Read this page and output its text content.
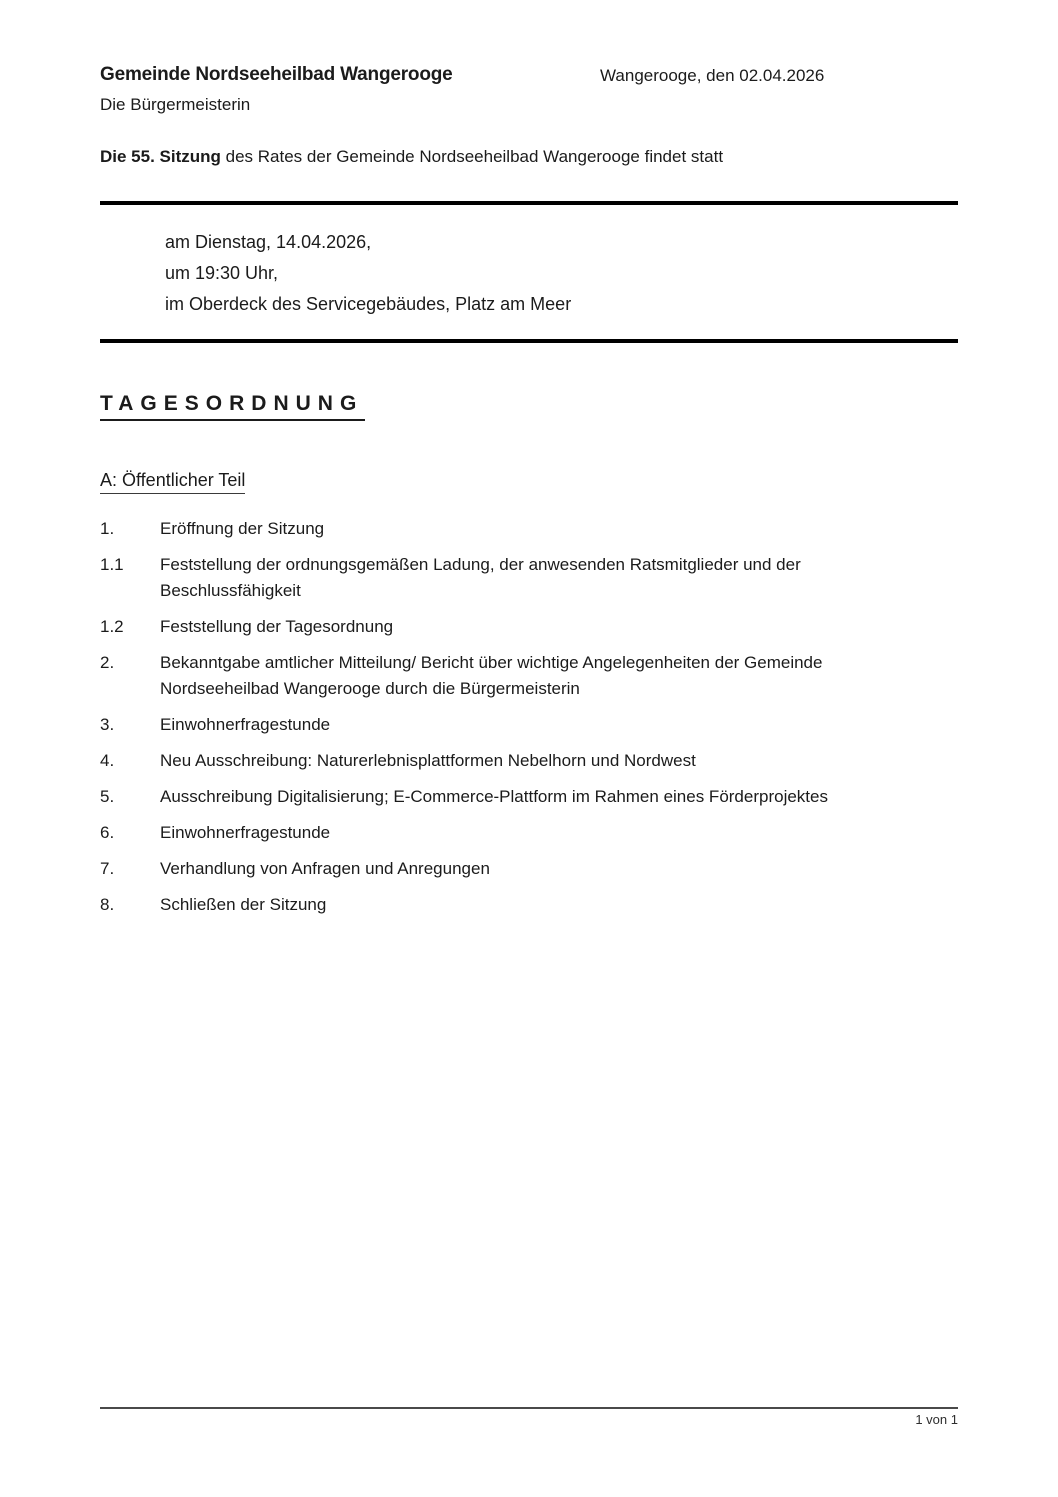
Gemeinde Nordseeheilbad Wangerooge
Die Bürgermeisterin
Wangerooge, den 02.04.2026
Die 55. Sitzung des Rates der Gemeinde Nordseeheilbad Wangerooge findet statt
am Dienstag, 14.04.2026,
um 19:30 Uhr,
im Oberdeck des Servicegebäudes, Platz am Meer
TAGESORDNUNG
A: Öffentlicher Teil
1.	Eröffnung der Sitzung
1.1	Feststellung der ordnungsgemäßen Ladung, der anwesenden Ratsmitglieder und der Beschlussfähigkeit
1.2	Feststellung der Tagesordnung
2.	Bekanntgabe amtlicher Mitteilung/ Bericht über wichtige Angelegenheiten der Gemeinde Nordseeheilbad Wangerooge durch die Bürgermeisterin
3.	Einwohnerfragestunde
4.	Neu Ausschreibung: Naturerlebnisplattformen Nebelhorn und Nordwest
5.	Ausschreibung Digitalisierung; E-Commerce-Plattform im Rahmen eines Förderprojektes
6.	Einwohnerfragestunde
7.	Verhandlung von Anfragen und Anregungen
8.	Schließen der Sitzung
1 von 1
